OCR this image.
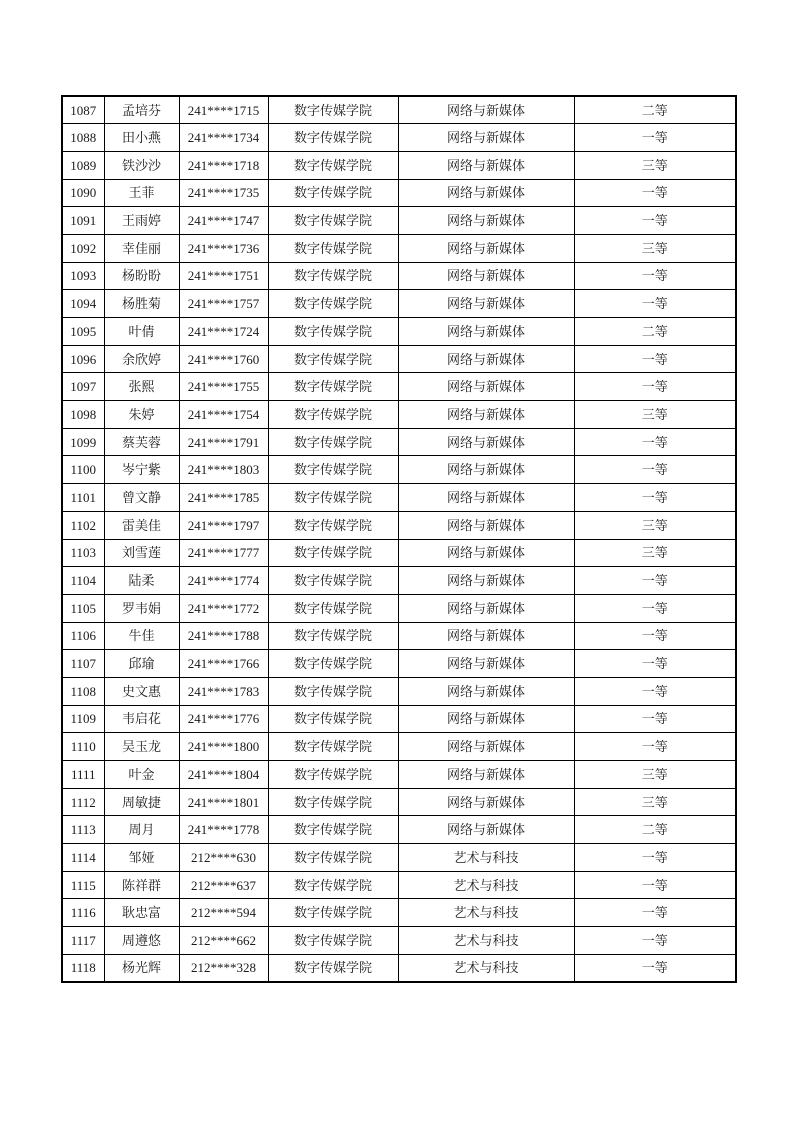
1087	孟培芬	241****1715	数字传媒学院	网络与新媒体	二等
1088	田小燕	241****1734	数字传媒学院	网络与新媒体	一等
1089	铁沙沙	241****1718	数字传媒学院	网络与新媒体	三等
1090	王菲	241****1735	数字传媒学院	网络与新媒体	一等
1091	王雨婷	241****1747	数字传媒学院	网络与新媒体	一等
1092	幸佳丽	241****1736	数字传媒学院	网络与新媒体	三等
1093	杨盼盼	241****1751	数字传媒学院	网络与新媒体	一等
1094	杨胜菊	241****1757	数字传媒学院	网络与新媒体	一等
1095	叶倩	241****1724	数字传媒学院	网络与新媒体	二等
1096	余欣婷	241****1760	数字传媒学院	网络与新媒体	一等
1097	张熙	241****1755	数字传媒学院	网络与新媒体	一等
1098	朱婷	241****1754	数字传媒学院	网络与新媒体	三等
1099	蔡芙蓉	241****1791	数字传媒学院	网络与新媒体	一等
1100	岑宁紫	241****1803	数字传媒学院	网络与新媒体	一等
1101	曾文静	241****1785	数字传媒学院	网络与新媒体	一等
1102	雷美佳	241****1797	数字传媒学院	网络与新媒体	三等
1103	刘雪莲	241****1777	数字传媒学院	网络与新媒体	三等
1104	陆柔	241****1774	数字传媒学院	网络与新媒体	一等
1105	罗韦娟	241****1772	数字传媒学院	网络与新媒体	一等
1106	牛佳	241****1788	数字传媒学院	网络与新媒体	一等
1107	邱瑜	241****1766	数字传媒学院	网络与新媒体	一等
1108	史文惠	241****1783	数字传媒学院	网络与新媒体	一等
1109	韦启花	241****1776	数字传媒学院	网络与新媒体	一等
1110	吴玉龙	241****1800	数字传媒学院	网络与新媒体	一等
1111	叶金	241****1804	数字传媒学院	网络与新媒体	三等
1112	周敏捷	241****1801	数字传媒学院	网络与新媒体	三等
1113	周月	241****1778	数字传媒学院	网络与新媒体	二等
1114	邹娅	212****630	数字传媒学院	艺术与科技	一等
1115	陈祥群	212****637	数字传媒学院	艺术与科技	一等
1116	耿忠富	212****594	数字传媒学院	艺术与科技	一等
1117	周遵悠	212****662	数字传媒学院	艺术与科技	一等
1118	杨光辉	212****328	数字传媒学院	艺术与科技	一等
